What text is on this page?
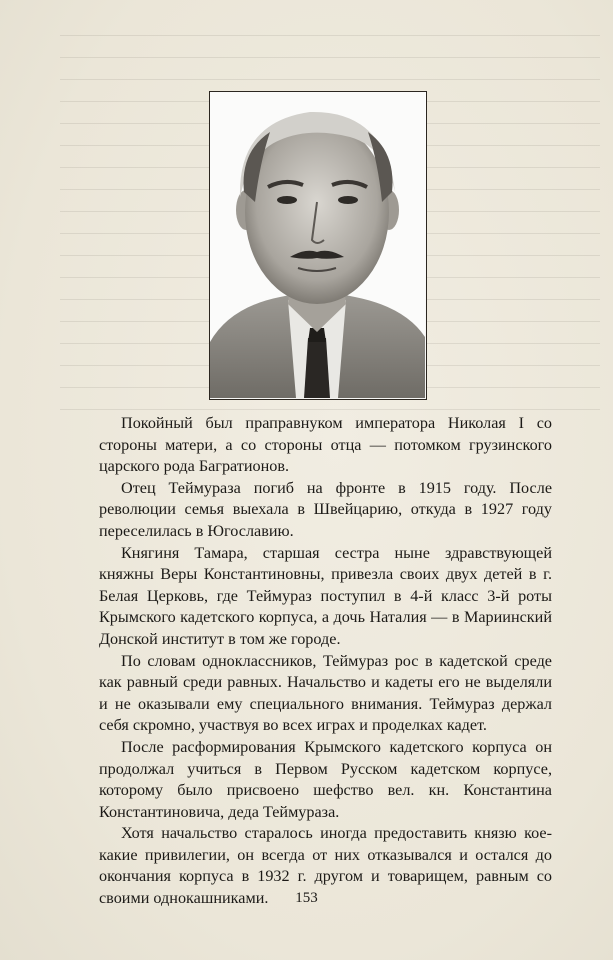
Покойный был праправнуком императора Николая I со стороны матери, а со стороны отца — потомком грузинского царского рода Багратионов.

Отец Теймураза погиб на фронте в 1915 году. После революции семья выехала в Швейцарию, откуда в 1927 году переселилась в Югославию.

Княгиня Тамара, старшая сестра ныне здравствующей княжны Веры Константиновны, привезла своих двух детей в г. Белая Церковь, где Теймураз поступил в 4-й класс 3-й роты Крымского кадетского корпуса, а дочь Наталия — в Мариинский Донской институт в том же городе.

По словам одноклассников, Теймураз рос в кадетской среде как равный среди равных. Начальство и кадеты его не выделяли и не оказывали ему специального внимания. Теймураз держал себя скромно, участвуя во всех играх и проделках кадет.

После расформирования Крымского кадетского корпуса он продолжал учиться в Первом Русском кадетском корпусе, которому было присвоено шефство вел. кн. Константина Константиновича, деда Теймураза.

Хотя начальство старалось иногда предоставить князю кое-какие привилегии, он всегда от них отказывался и остался до окончания корпуса в 1932 г. другом и товарищем, равным со своими однокашниками.	153
